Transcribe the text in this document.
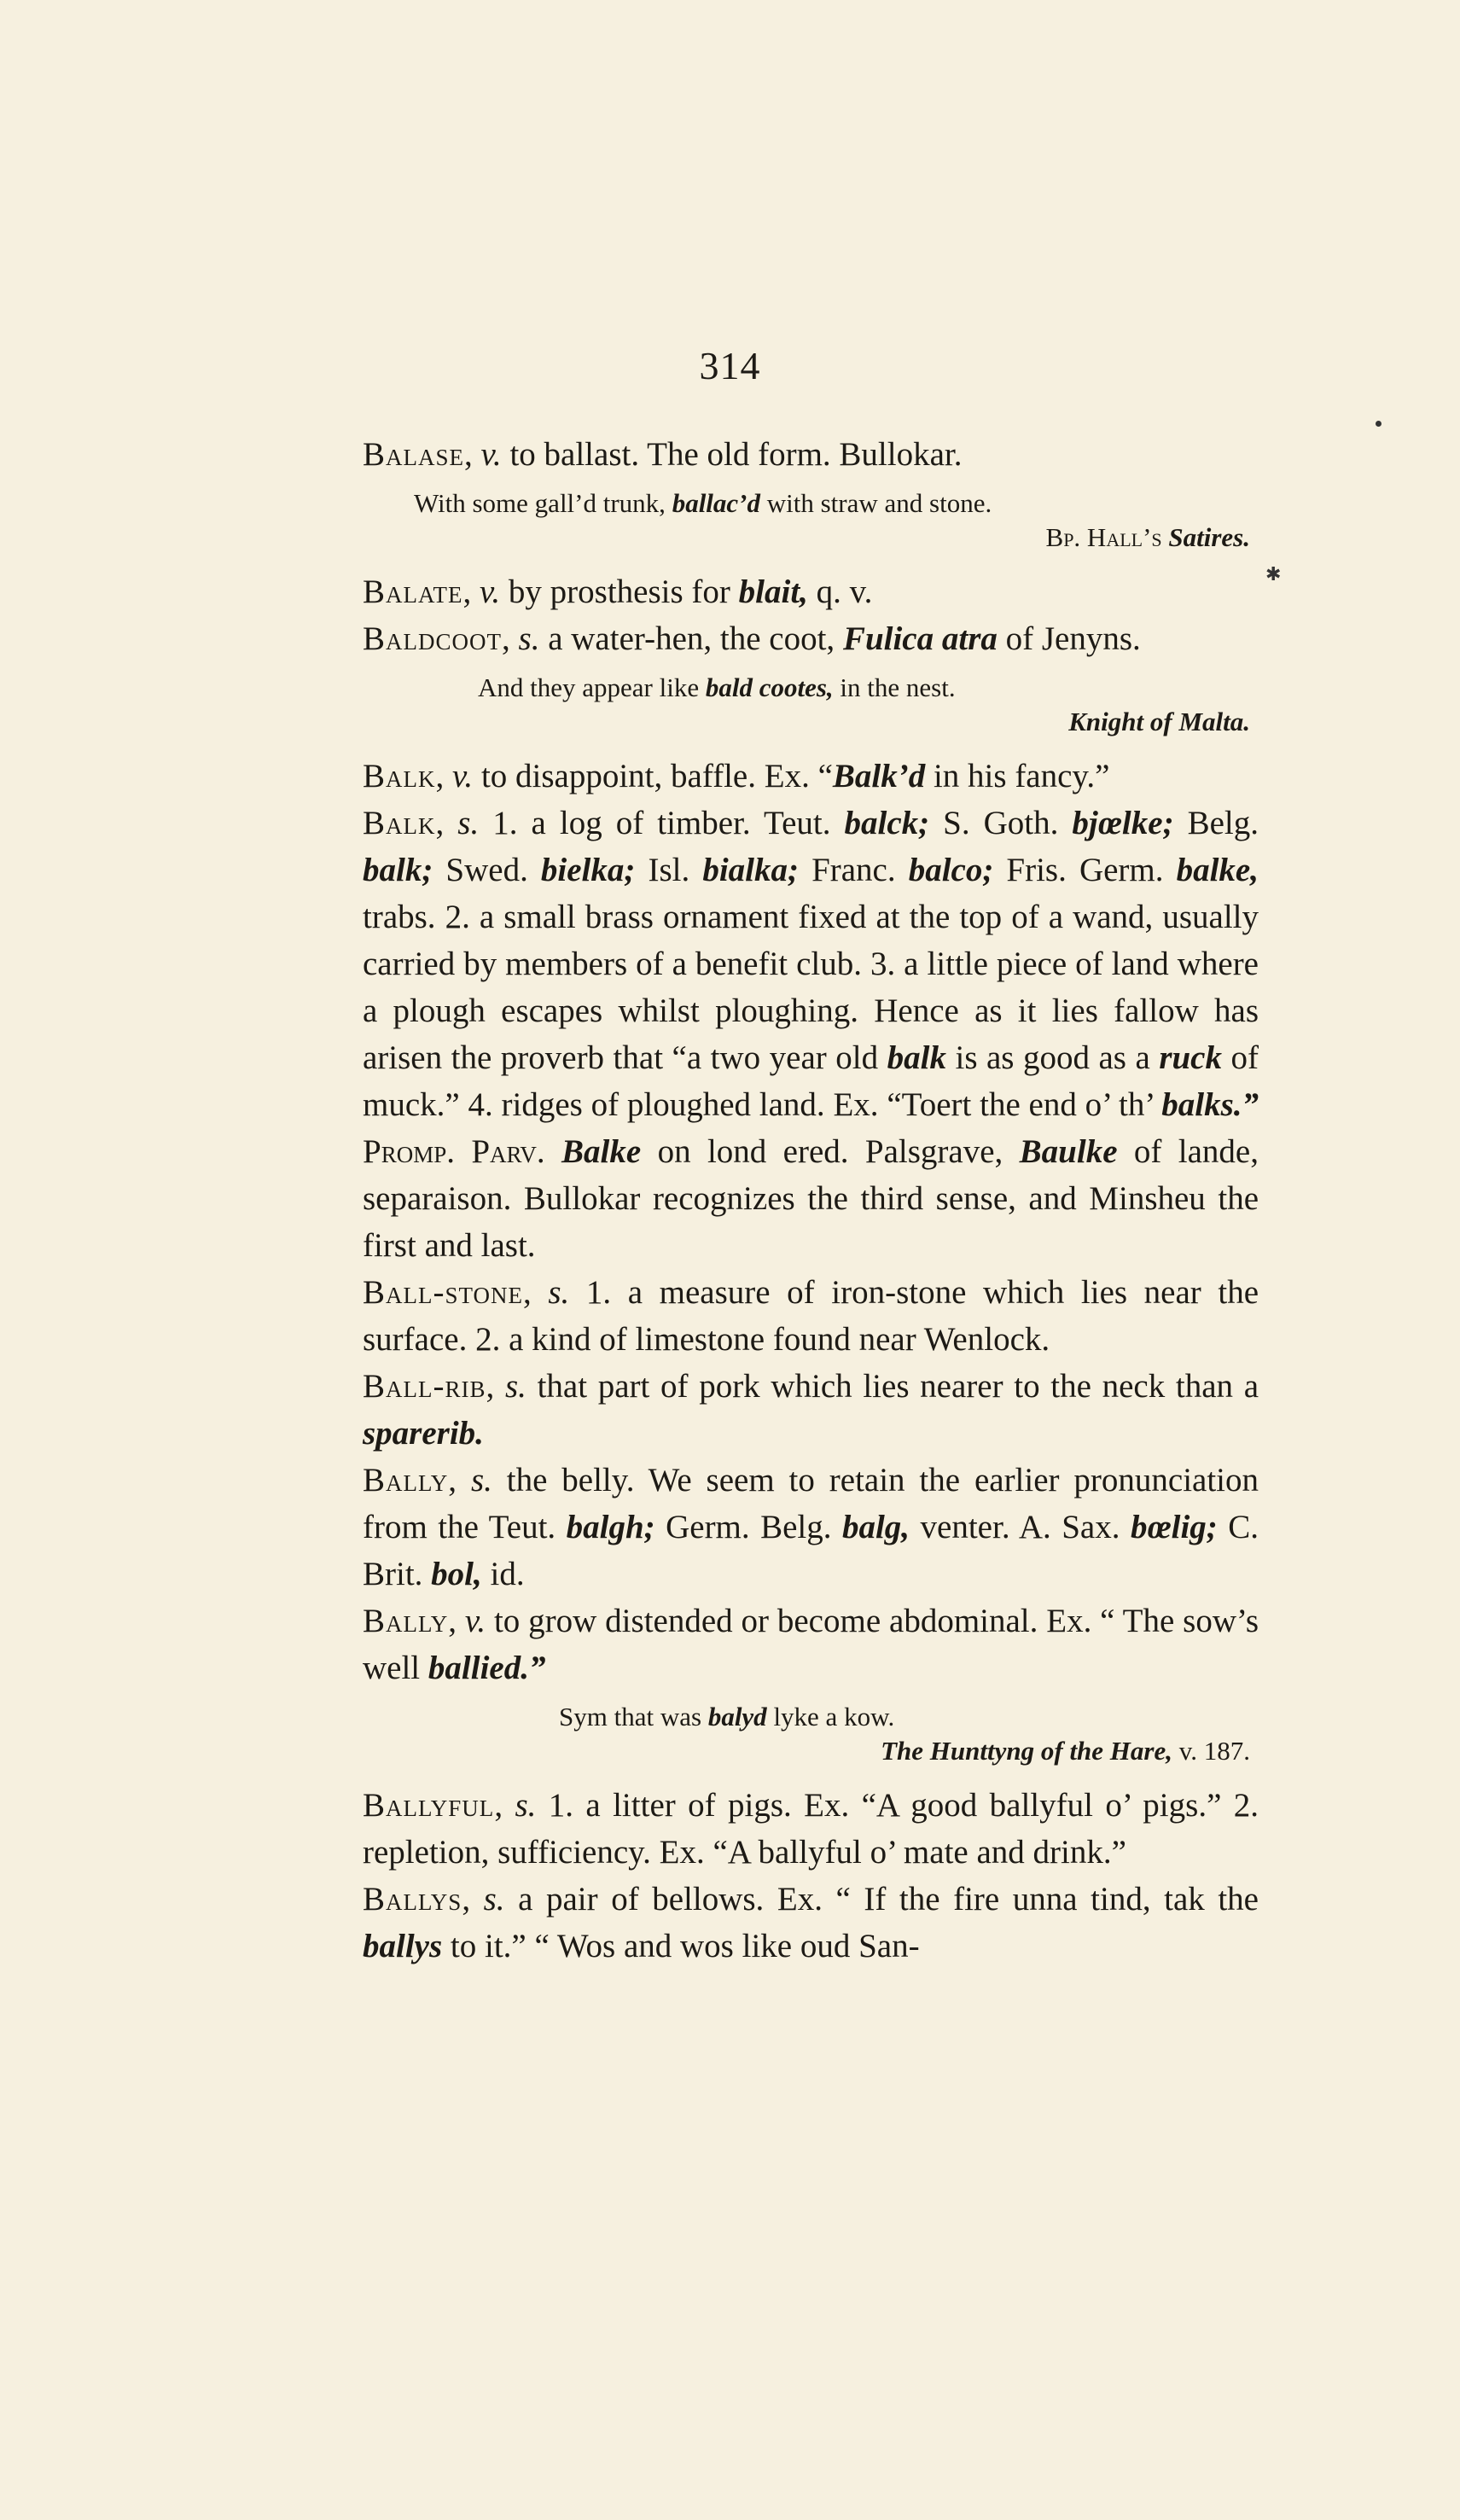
314
✱

Balase, v. to ballast. The old form. Bullokar.

With some gall’d trunk, ballac’d with straw and stone.
Bp. Hall’s Satires.

Balate, v. by prosthesis for blait, q. v.

Baldcoot, s. a water-hen, the coot, Fulica atra of Jenyns.

And they appear like bald cootes, in the nest.
Knight of Malta.

Balk, v. to disappoint, baffle. Ex. “Balk’d in his fancy.”

Balk, s. 1. a log of timber. Teut. balck; S. Goth. bjœlke; Belg. balk; Swed. bielka; Isl. bialka; Franc. balco; Fris. Germ. balke, trabs. 2. a small brass ornament fixed at the top of a wand, usually carried by members of a benefit club. 3. a little piece of land where a plough escapes whilst ploughing. Hence as it lies fallow has arisen the proverb that “a two year old balk is as good as a ruck of muck.” 4. ridges of ploughed land. Ex. “Toert the end o’ th’ balks.” Promp. Parv. Balke on lond ered. Palsgrave, Baulke of lande, separaison. Bullokar recognizes the third sense, and Minsheu the first and last.

Ball-stone, s. 1. a measure of iron-stone which lies near the surface. 2. a kind of limestone found near Wenlock.

Ball-rib, s. that part of pork which lies nearer to the neck than a sparerib.

Bally, s. the belly. We seem to retain the earlier pronunciation from the Teut. balgh; Germ. Belg. balg, venter. A. Sax. bœlig; C. Brit. bol, id.

Bally, v. to grow distended or become abdominal. Ex. “ The sow’s well ballied.”

Sym that was balyd lyke a kow.
The Hunttyng of the Hare, v. 187.

Ballyful, s. 1. a litter of pigs. Ex. “A good ballyful o’ pigs.” 2. repletion, sufficiency. Ex. “A ballyful o’ mate and drink.”

Ballys, s. a pair of bellows. Ex. “ If the fire unna tind, tak the ballys to it.” “ Wos and wos like oud San-
